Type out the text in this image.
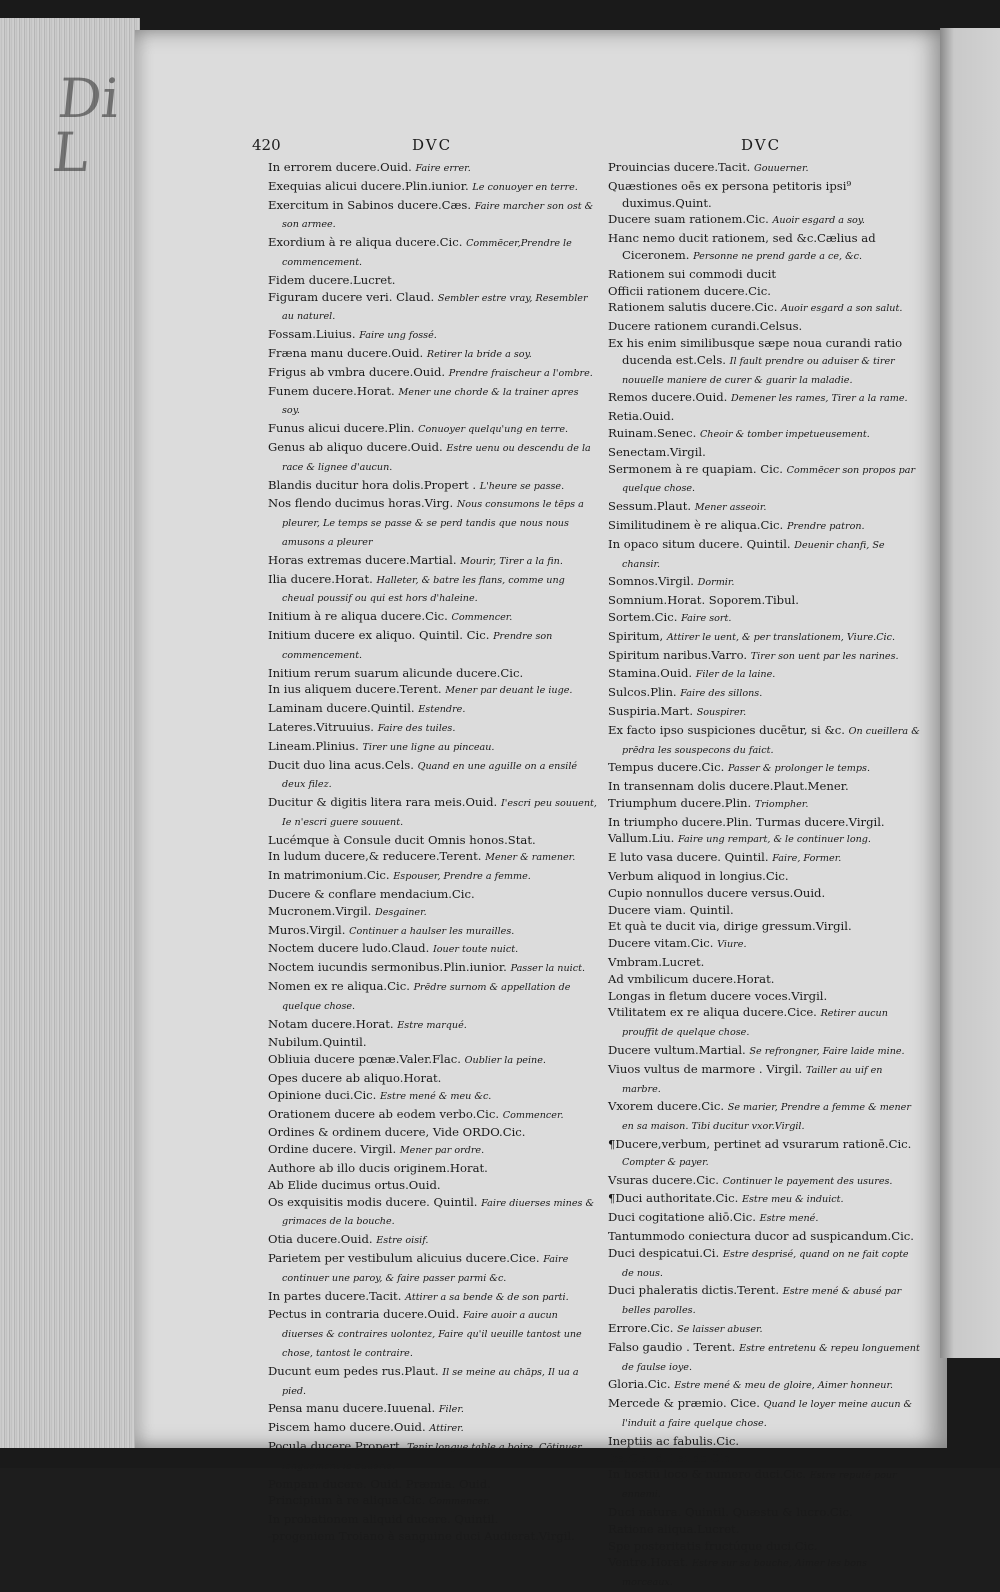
Di
L	420	DVC	DVC

In errorem ducere.Ouid. Faire errer.

Exequias alicui ducere.Plin.iunior. Le conuoyer en terre.

Exercitum in Sabinos ducere.Cæs. Faire marcher son ost & son armee.

Exordium à re aliqua ducere.Cic. Commēcer,Prendre le commencement.

Fidem ducere.Lucret.

Figuram ducere veri. Claud. Sembler estre vray, Resembler au naturel.

Fossam.Liuius. Faire ung fossé.

Fræna manu ducere.Ouid. Retirer la bride a soy.

Frigus ab vmbra ducere.Ouid. Prendre fraischeur a l'ombre.

Funem ducere.Horat. Mener une chorde & la trainer apres soy.

Funus alicui ducere.Plin. Conuoyer quelqu'ung en terre.

Genus ab aliquo ducere.Ouid. Estre uenu ou descendu de la race & lignee d'aucun.

Blandis ducitur hora dolis.Propert . L'heure se passe.

Nos flendo ducimus horas.Virg. Nous consumons le tēps a pleurer, Le temps se passe & se perd tandis que nous nous amusons a pleurer

Horas extremas ducere.Martial. Mourir, Tirer a la fin.

Ilia ducere.Horat. Halleter, & batre les flans, comme ung cheual poussif ou qui est hors d'haleine.

Initium à re aliqua ducere.Cic. Commencer.

Initium ducere ex aliquo. Quintil. Cic. Prendre son commencement.

Initium rerum suarum alicunde ducere.Cic.

In ius aliquem ducere.Terent. Mener par deuant le iuge.

Laminam ducere.Quintil. Estendre.

Lateres.Vitruuius. Faire des tuiles.

Lineam.Plinius. Tirer une ligne au pinceau.

Ducit duo lina acus.Cels. Quand en une aguille on a ensilé deux filez.

Ducitur & digitis litera rara meis.Ouid. I'escri peu souuent, Ie n'escri guere souuent.

Lucémque à Consule ducit Omnis honos.Stat.

In ludum ducere,& reducere.Terent. Mener & ramener.

In matrimonium.Cic. Espouser, Prendre a femme.

Ducere & conflare mendacium.Cic.

Mucronem.Virgil. Desgainer.

Muros.Virgil. Continuer a haulser les murailles.

Noctem ducere ludo.Claud. Iouer toute nuict.

Noctem iucundis sermonibus.Plin.iunior. Passer la nuict.

Nomen ex re aliqua.Cic. Prēdre surnom & appellation de quelque chose.

Notam ducere.Horat. Estre marqué.

Nubilum.Quintil.

Obliuia ducere pœnæ.Valer.Flac. Oublier la peine.

Opes ducere ab aliquo.Horat.

Opinione duci.Cic. Estre mené & meu &c.

Orationem ducere ab eodem verbo.Cic. Commencer.

Ordines & ordinem ducere, Vide ORDO.Cic.

Ordine ducere. Virgil. Mener par ordre.

Authore ab illo ducis originem.Horat.

Ab Elide ducimus ortus.Ouid.

Os exquisitis modis ducere. Quintil. Faire diuerses mines & grimaces de la bouche.

Otia ducere.Ouid. Estre oisif.

Parietem per vestibulum alicuius ducere.Cice. Faire continuer une paroy, & faire passer parmi &c.

In partes ducere.Tacit. Attirer a sa bende & de son parti.

Pectus in contraria ducere.Ouid. Faire auoir a aucun diuerses & contraires uolontez, Faire qu'il ueuille tantost une chose, tantost le contraire.

Ducunt eum pedes rus.Plaut. Il se meine au chāps, Il ua a pied.

Pensa manu ducere.Iuuenal. Filer.

Piscem hamo ducere.Ouid. Attirer.

Pocula ducere.Propert. Tenir longue table a boire, Cōtinuer longuement la buuerie.

Pompam ducere. Ouid. Præmia. Ouid.

Principium à re aliqua.Cic. Commencer.

In probationem aliquid ducere. Quintil.

-progeniem Troiano à sanguine duci Audierat.Virgil.

Prouincias ducere.Tacit. Gouuerner.

Quæstiones oēs ex persona petitoris ipsi⁹ duximus.Quint.

Ducere suam rationem.Cic. Auoir esgard a soy.

Hanc nemo ducit rationem, sed &c.Cælius ad Ciceronem. Personne ne prend garde a ce, &c.

Rationem sui commodi ducit

Officii rationem ducere.Cic.

Rationem salutis ducere.Cic. Auoir esgard a son salut.

Ducere rationem curandi.Celsus.

Ex his enim similibusque sæpe noua curandi ratio ducenda est.Cels. Il fault prendre ou aduiser & tirer nouuelle maniere de curer & guarir la maladie.

Remos ducere.Ouid. Demener les rames, Tirer a la rame.

Retia.Ouid.

Ruinam.Senec. Cheoir & tomber impetueusement.

Senectam.Virgil.

Sermonem à re quapiam. Cic. Commēcer son propos par quelque chose.

Sessum.Plaut. Mener asseoir.

Similitudinem è re aliqua.Cic. Prendre patron.

In opaco situm ducere. Quintil. Deuenir chanfi, Se chansir.

Somnos.Virgil. Dormir.

Somnium.Horat. Soporem.Tibul.

Sortem.Cic. Faire sort.

Spiritum, Attirer le uent, & per translationem, Viure.Cic.

Spiritum naribus.Varro. Tirer son uent par les narines.

Stamina.Ouid. Filer de la laine.

Sulcos.Plin. Faire des sillons.

Suspiria.Mart. Souspirer.

Ex facto ipso suspiciones ducētur, si &c. On cueillera & prēdra les souspecons du faict.

Tempus ducere.Cic. Passer & prolonger le temps.

In transennam dolis ducere.Plaut.Mener.

Triumphum ducere.Plin. Triompher.

In triumpho ducere.Plin. Turmas ducere.Virgil.

Vallum.Liu. Faire ung rempart, & le continuer long.

E luto vasa ducere. Quintil. Faire, Former.

Verbum aliquod in longius.Cic.

Cupio nonnullos ducere versus.Ouid.

Ducere viam. Quintil.

Et quà te ducit via, dirige gressum.Virgil.

Ducere vitam.Cic. Viure.

Vmbram.Lucret.

Ad vmbilicum ducere.Horat.

Longas in fletum ducere voces.Virgil.

Vtilitatem ex re aliqua ducere.Cice. Retirer aucun prouffit de quelque chose.

Ducere vultum.Martial. Se refrongner, Faire laide mine.

Viuos vultus de marmore . Virgil. Tailler au uif en marbre.

Vxorem ducere.Cic. Se marier, Prendre a femme & mener en sa maison. Tibi ducitur vxor.Virgil.

¶Ducere,verbum, pertinet ad vsurarum rationē.Cic. Compter & payer.

Vsuras ducere.Cic. Continuer le payement des usures.

¶Duci authoritate.Cic. Estre meu & induict.

Duci cogitatione aliō.Cic. Estre mené.

Tantummodo coniectura ducor ad suspicandum.Cic.

Duci despicatui.Ci. Estre desprisé, quand on ne fait copte de nous.

Duci phaleratis dictis.Terent. Estre mené & abusé par belles parolles.

Errore.Cic. Se laisser abuser.

Falso gaudio . Terent. Estre entretenu & repeu longuement de faulse ioye.

Gloria.Cic. Estre mené & meu de gloire, Aimer honneur.

Mercede & præmio. Cice. Quand le loyer meine aucun & l'induit a faire quelque chose.

Ineptiis ac fabulis.Cic.

Ira.Claud. Laude.Cic.

In hostiū loco & numero duci.Cic. Estre reputé pour ennemi.

Duci natura. Quintil. Quæstu & lucro.Cic.

Ratione aliqua.Lucret.

Spe posteritatis fructúque duci.Cic.

Ventre.Horat. Estre sur sa bouche, Aimer les bons morceaux.
